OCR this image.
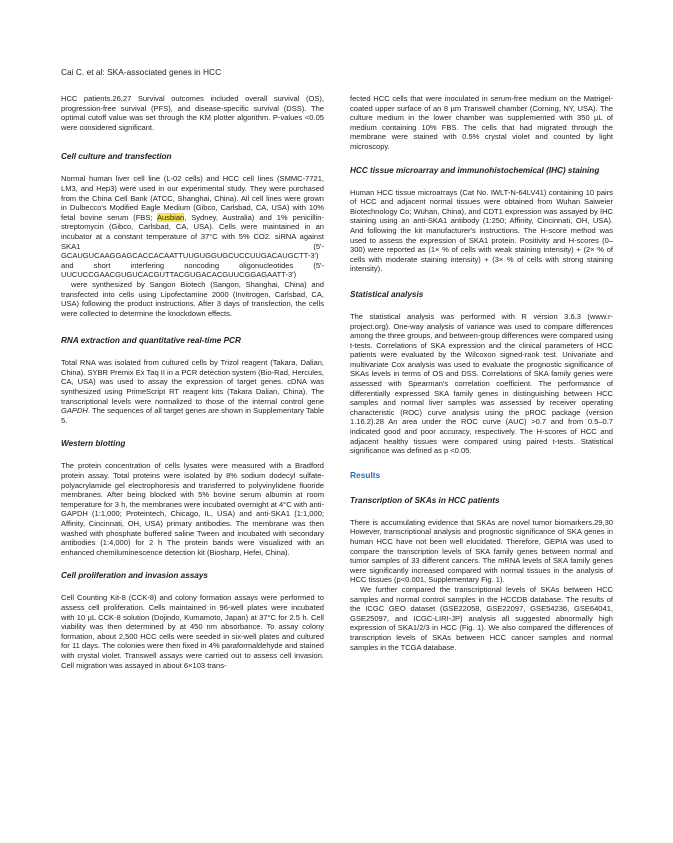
Cai C. et al: SKA-associated genes in HCC

HCC patients.26,27 Survival outcomes included overall survival (OS), progression-free survival (PFS), and disease-specific survival (DSS). The optimal cutoff value was set through the KM plotter algorithm. P-values <0.05 were considered significant.

Cell culture and transfection

Normal human liver cell line (L-02 cells) and HCC cell lines (SMMC-7721, LM3, and Hep3) were used in our experimental study. They were purchased from the China Cell Bank (ATCC, Shanghai, China). All cell lines were grown in Dulbecco's Modified Eagle Medium (Gibco, Carlsbad, CA, USA) with 10% fetal bovine serum (FBS; Ausbian, Sydney, Australia) and 1% penicillin-streptomycin (Gibco, Carlsbad, CA, USA). Cells were maintained in an incubator at a constant temperature of 37°C with 5% CO2. siRNA against SKA1 (5'-GCAUGUCAAGGAGCACCACAATTUUGUGGUGCUCCUUGACAUGCTT-3') and short interfering noncoding oligonucleotides (5'-UUCUCCGAACGUGUCACGUTTACGUGACACGUUCGGAGAATT-3')

were synthesized by Sangon Biotech (Sangon, Shanghai, China) and transfected into cells using Lipofectamine 2000 (Invitrogen, Carlsbad, CA, USA) following the product instructions. After 3 days of transfection, the cells were collected to determine the knockdown effects.

RNA extraction and quantitative real-time PCR

Total RNA was isolated from cultured cells by Trizol reagent (Takara, Dalian, China). SYBR Premix Ex Taq II in a PCR detection system (Bio-Rad, Hercules, CA, USA) was used to assay the expression of target genes. cDNA was synthesized using PrimeScript RT reagent kits (Takara Dalian, China). The transcriptional levels were normalized to those of the internal control gene GAPDH. The sequences of all target genes are shown in Supplementary Table 5.

Western blotting

The protein concentration of cells lysates were measured with a Bradford protein assay. Total proteins were isolated by 8% sodium dodecyl sulfate-polyacrylamide gel electrophoresis and transferred to polyvinylidene fluoride membranes. After being blocked with 5% bovine serum albumin at room temperature for 3 h, the membranes were incubated overnight at 4°C with anti-GAPDH (1:1,000; Proteintech, Chicago, IL, USA) and anti-SKA1 (1:1,000; Affinity, Cincinnati, OH, USA) primary antibodies. The membrane was then washed with phosphate buffered saline Tween and incubated with secondary antibodies (1:4,000) for 2 h The protein bands were visualized with an enhanced chemiluminescence detection kit (Biosharp, Hefei, China).

Cell proliferation and invasion assays

Cell Counting Kit-8 (CCK-8) and colony formation assays were performed to assess cell proliferation. Cells maintained in 96-well plates were incubated with 10 µL CCK-8 solution (Dojindo, Kumamoto, Japan) at 37°C for 2.5 h. Cell viability was then determined by at 450 nm absorbance. To assay colony formation, about 2,500 HCC cells were seeded in six-well plates and cultured for 11 days. The colonies were then fixed in 4% paraformaldehyde and stained with crystal violet. Transwell assays were carried out to assess cell invasion. Cell migration was assayed in about 6×103 trans-

fected HCC cells that were inoculated in serum-free medium on the Matrigel-coated upper surface of an 8 µm Transwell chamber (Corning, NY, USA). The culture medium in the lower chamber was supplemented with 350 µL of medium containing 10% FBS. The cells that had migrated through the membrane were stained with 0.5% crystal violet and counted by light microscopy.

HCC tissue microarray and immunohistochemical (IHC) staining

Human HCC tissue microarrays (Cat No. IWLT-N-64LV41) containing 10 pairs of HCC and adjacent normal tissues were obtained from Wuhan Saiweier Biotechnology Co; Wuhan, China), and CDT1 expression was assayed by IHC staining using an anti-SKA1 antibody (1:250; Affinity, Cincinnati, OH, USA). And following the kit manufacturer's instructions. The H-score method was used to assess the expression of SKA1 protein. Positivity and H-scores (0–300) were reported as (1× % of cells with weak staining intensity) + (2× % of cells with moderate staining intensity) + (3× % of cells with strong staining intensity).

Statistical analysis

The statistical analysis was performed with R version 3.6.3 (www.r-project.org). One-way analysis of variance was used to compare differences among the three groups, and between-group differences were compared using t-tests. Correlations of SKA expression and the clinical parameters of HCC patients were evaluated by the Wilcoxon signed-rank test. Univariate and multivariate Cox analysis was used to evaluate the prognostic significance of SKAs levels in terms of OS and DSS. Correlations of SKA family genes were assessed with Spearman's correlation coefficient. The performance of differentially expressed SKA family genes in distinguishing between HCC samples and normal liver samples was assessed by receiver operating characteristic (ROC) curve analysis using the pROC package (version 1.16.2).28 An area under the ROC curve (AUC) >0.7 and from 0.5–0.7 indicated good and poor accuracy, respectively. The H-scores of HCC and adjacent healthy tissues were compared using paired t-tests. Statistical significance was defined as p <0.05.

Results
Transcription of SKAs in HCC patients

There is accumulating evidence that SKAs are novel tumor biomarkers.29,30 However, transcriptional analysis and prognostic significance of SKA genes in human HCC have not been well elucidated. Therefore, GEPIA was used to compare the transcription levels of SKA family genes between normal and tumor samples of 33 different cancers. The mRNA levels of SKA family genes were significantly increased compared with normal tissues in the analysis of HCC tissues (p<0.001, Supplementary Fig. 1).

We further compared the transcriptional levels of SKAs between HCC samples and normal control samples in the HCCDB database. The results of the ICGC GEO dataset (GSE22058, GSE22097, GSE54236, GSE64041, GSE25097, and ICGC-LIRI-JP) analysis all suggested abnormally high expression of SKA1/2/3 in HCC (Fig. 1). We also compared the differences of transcription levels of SKAs between HCC cancer samples and normal samples in the TCGA database.
